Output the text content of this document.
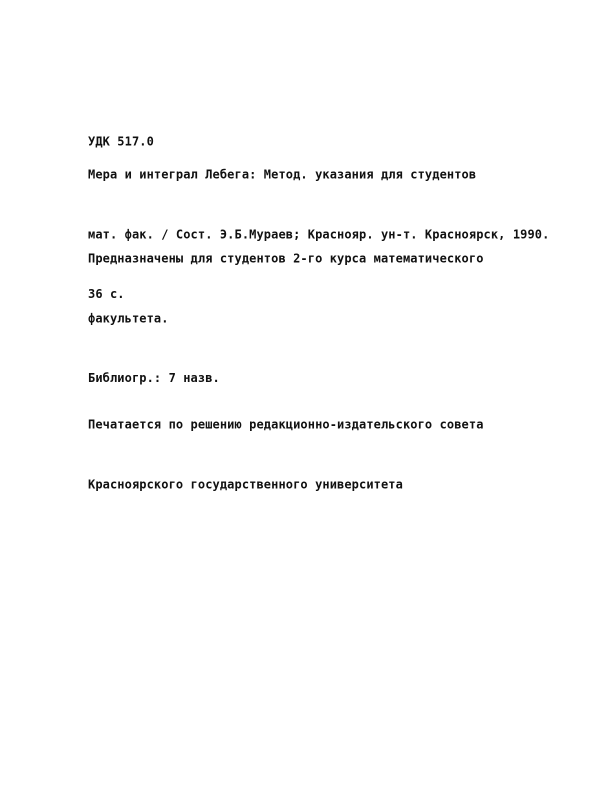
УДК 517.0

Мера и интеграл Лебега: Метод. указания для студентов

мат. фак. / Сост. Э.Б.Мураев; Краснояр. ун-т. Красноярск, 1990.

36 с.

Предназначены для студентов 2-го курса математического

факультета.

Библиогр.: 7 назв.

Печатается по решению редакционно-издательского совета

Красноярского государственного университета
